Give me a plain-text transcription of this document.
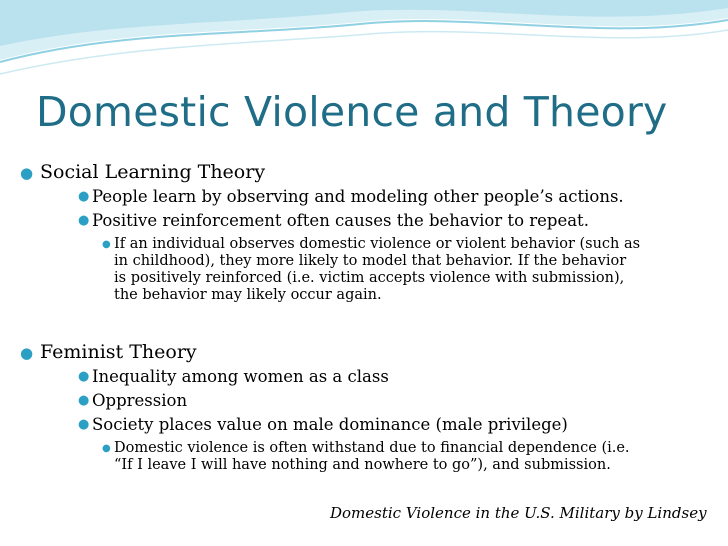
Domestic Violence and Theory
● Social Learning Theory
● People learn by observing and modeling other people’s actions.
● Positive reinforcement often causes the behavior to repeat.
● If an individual observes domestic violence or violent behavior (such as
in childhood), they more likely to model that behavior. If the behavior
is positively reinforced (i.e. victim accepts violence with submission),
the behavior may likely occur again.
● Feminist Theory
● Inequality among women as a class
● Oppression
● Society places value on male dominance (male privilege)
● Domestic violence is often withstand due to financial dependence (i.e.
“If I leave I will have nothing and nowhere to go”), and submission.
Domestic Violence in the U.S. Military by Lindsey
